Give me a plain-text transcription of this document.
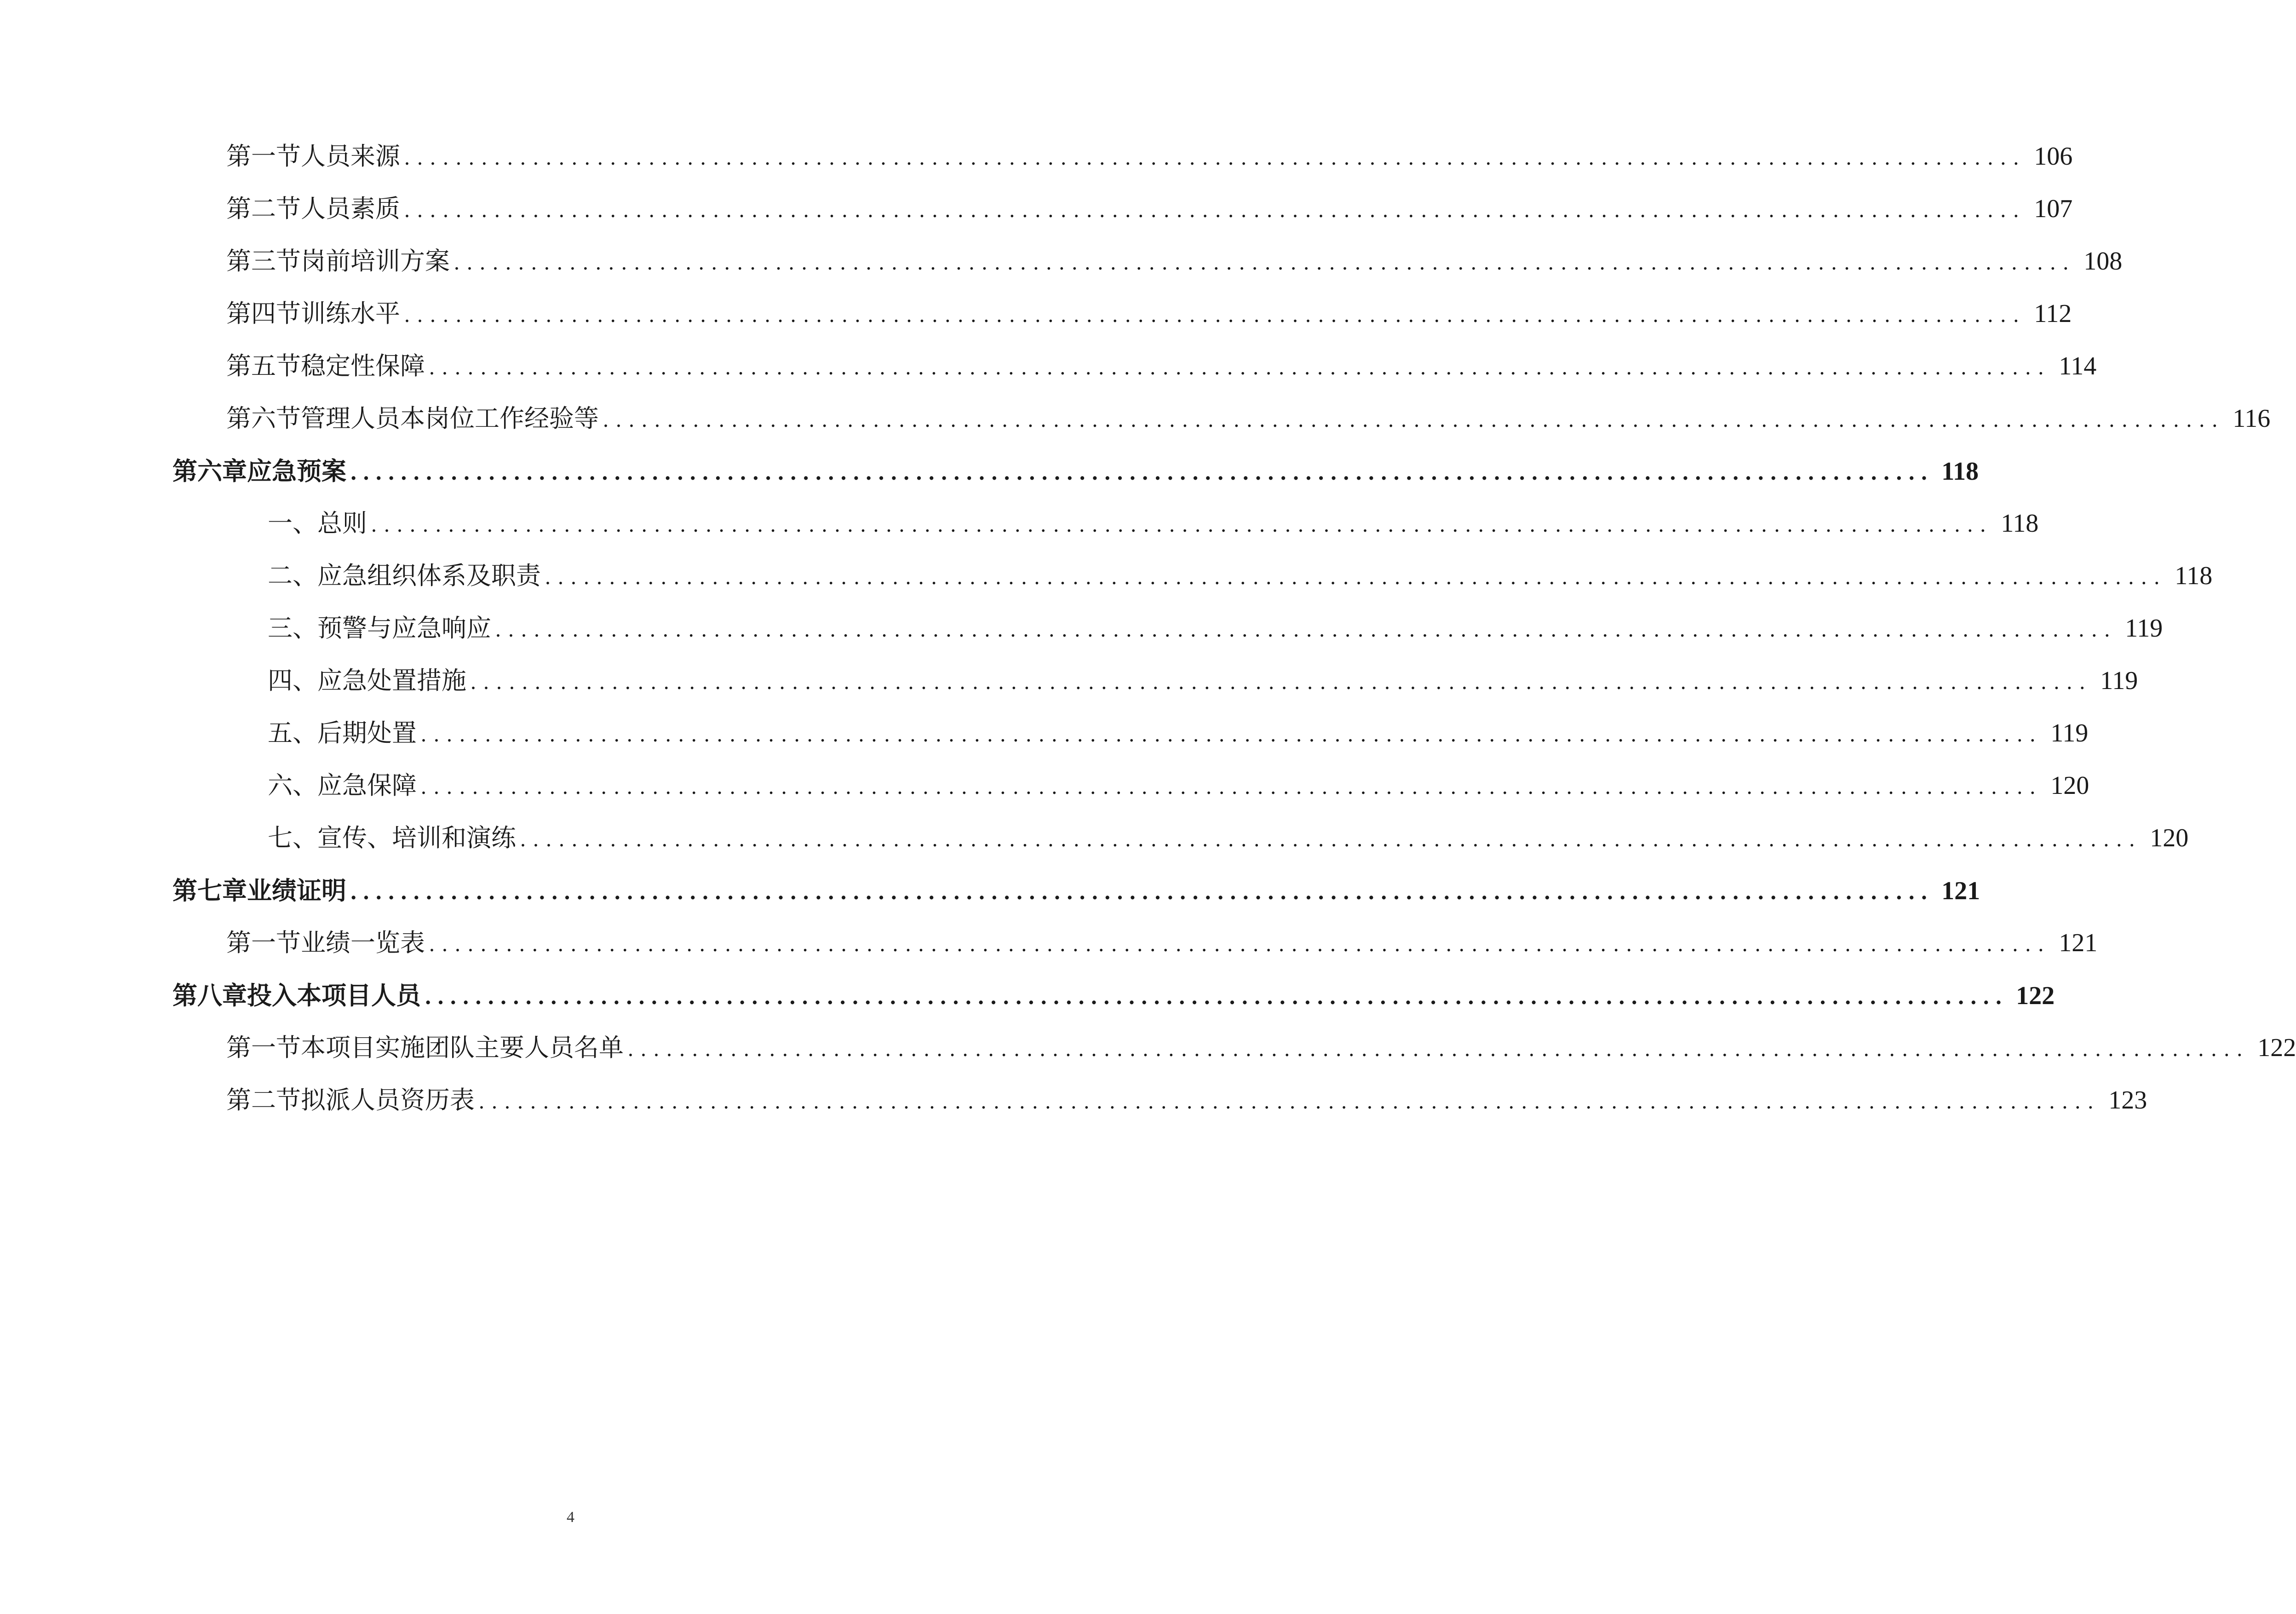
第一节 人员来源 .............................................................................................................................. 106
第二节 人员素质 .............................................................................................................................. 107
第三节 岗前培训方案 .............................................................................................................................. 108
第四节 训练水平 .............................................................................................................................. 112
第五节 稳定性保障 .............................................................................................................................. 114
第六节 管理人员本岗位工作经验等 .............................................................................................................................. 116
第六章 应急预案 .............................................................................................................................. 118
一、总则 .............................................................................................................................. 118
二、应急组织体系及职责 .............................................................................................................................. 118
三、预警与应急响应 .............................................................................................................................. 119
四、应急处置措施 .............................................................................................................................. 119
五、后期处置 .............................................................................................................................. 119
六、应急保障 .............................................................................................................................. 120
七、宣传、培训和演练 .............................................................................................................................. 120
第七章 业绩证明 .............................................................................................................................. 121
第一节 业绩一览表 .............................................................................................................................. 121
第八章 投入本项目人员 .............................................................................................................................. 122
第一节 本项目实施团队主要人员名单 .............................................................................................................................. 122
第二节 拟派人员资历表 .............................................................................................................................. 123
4
